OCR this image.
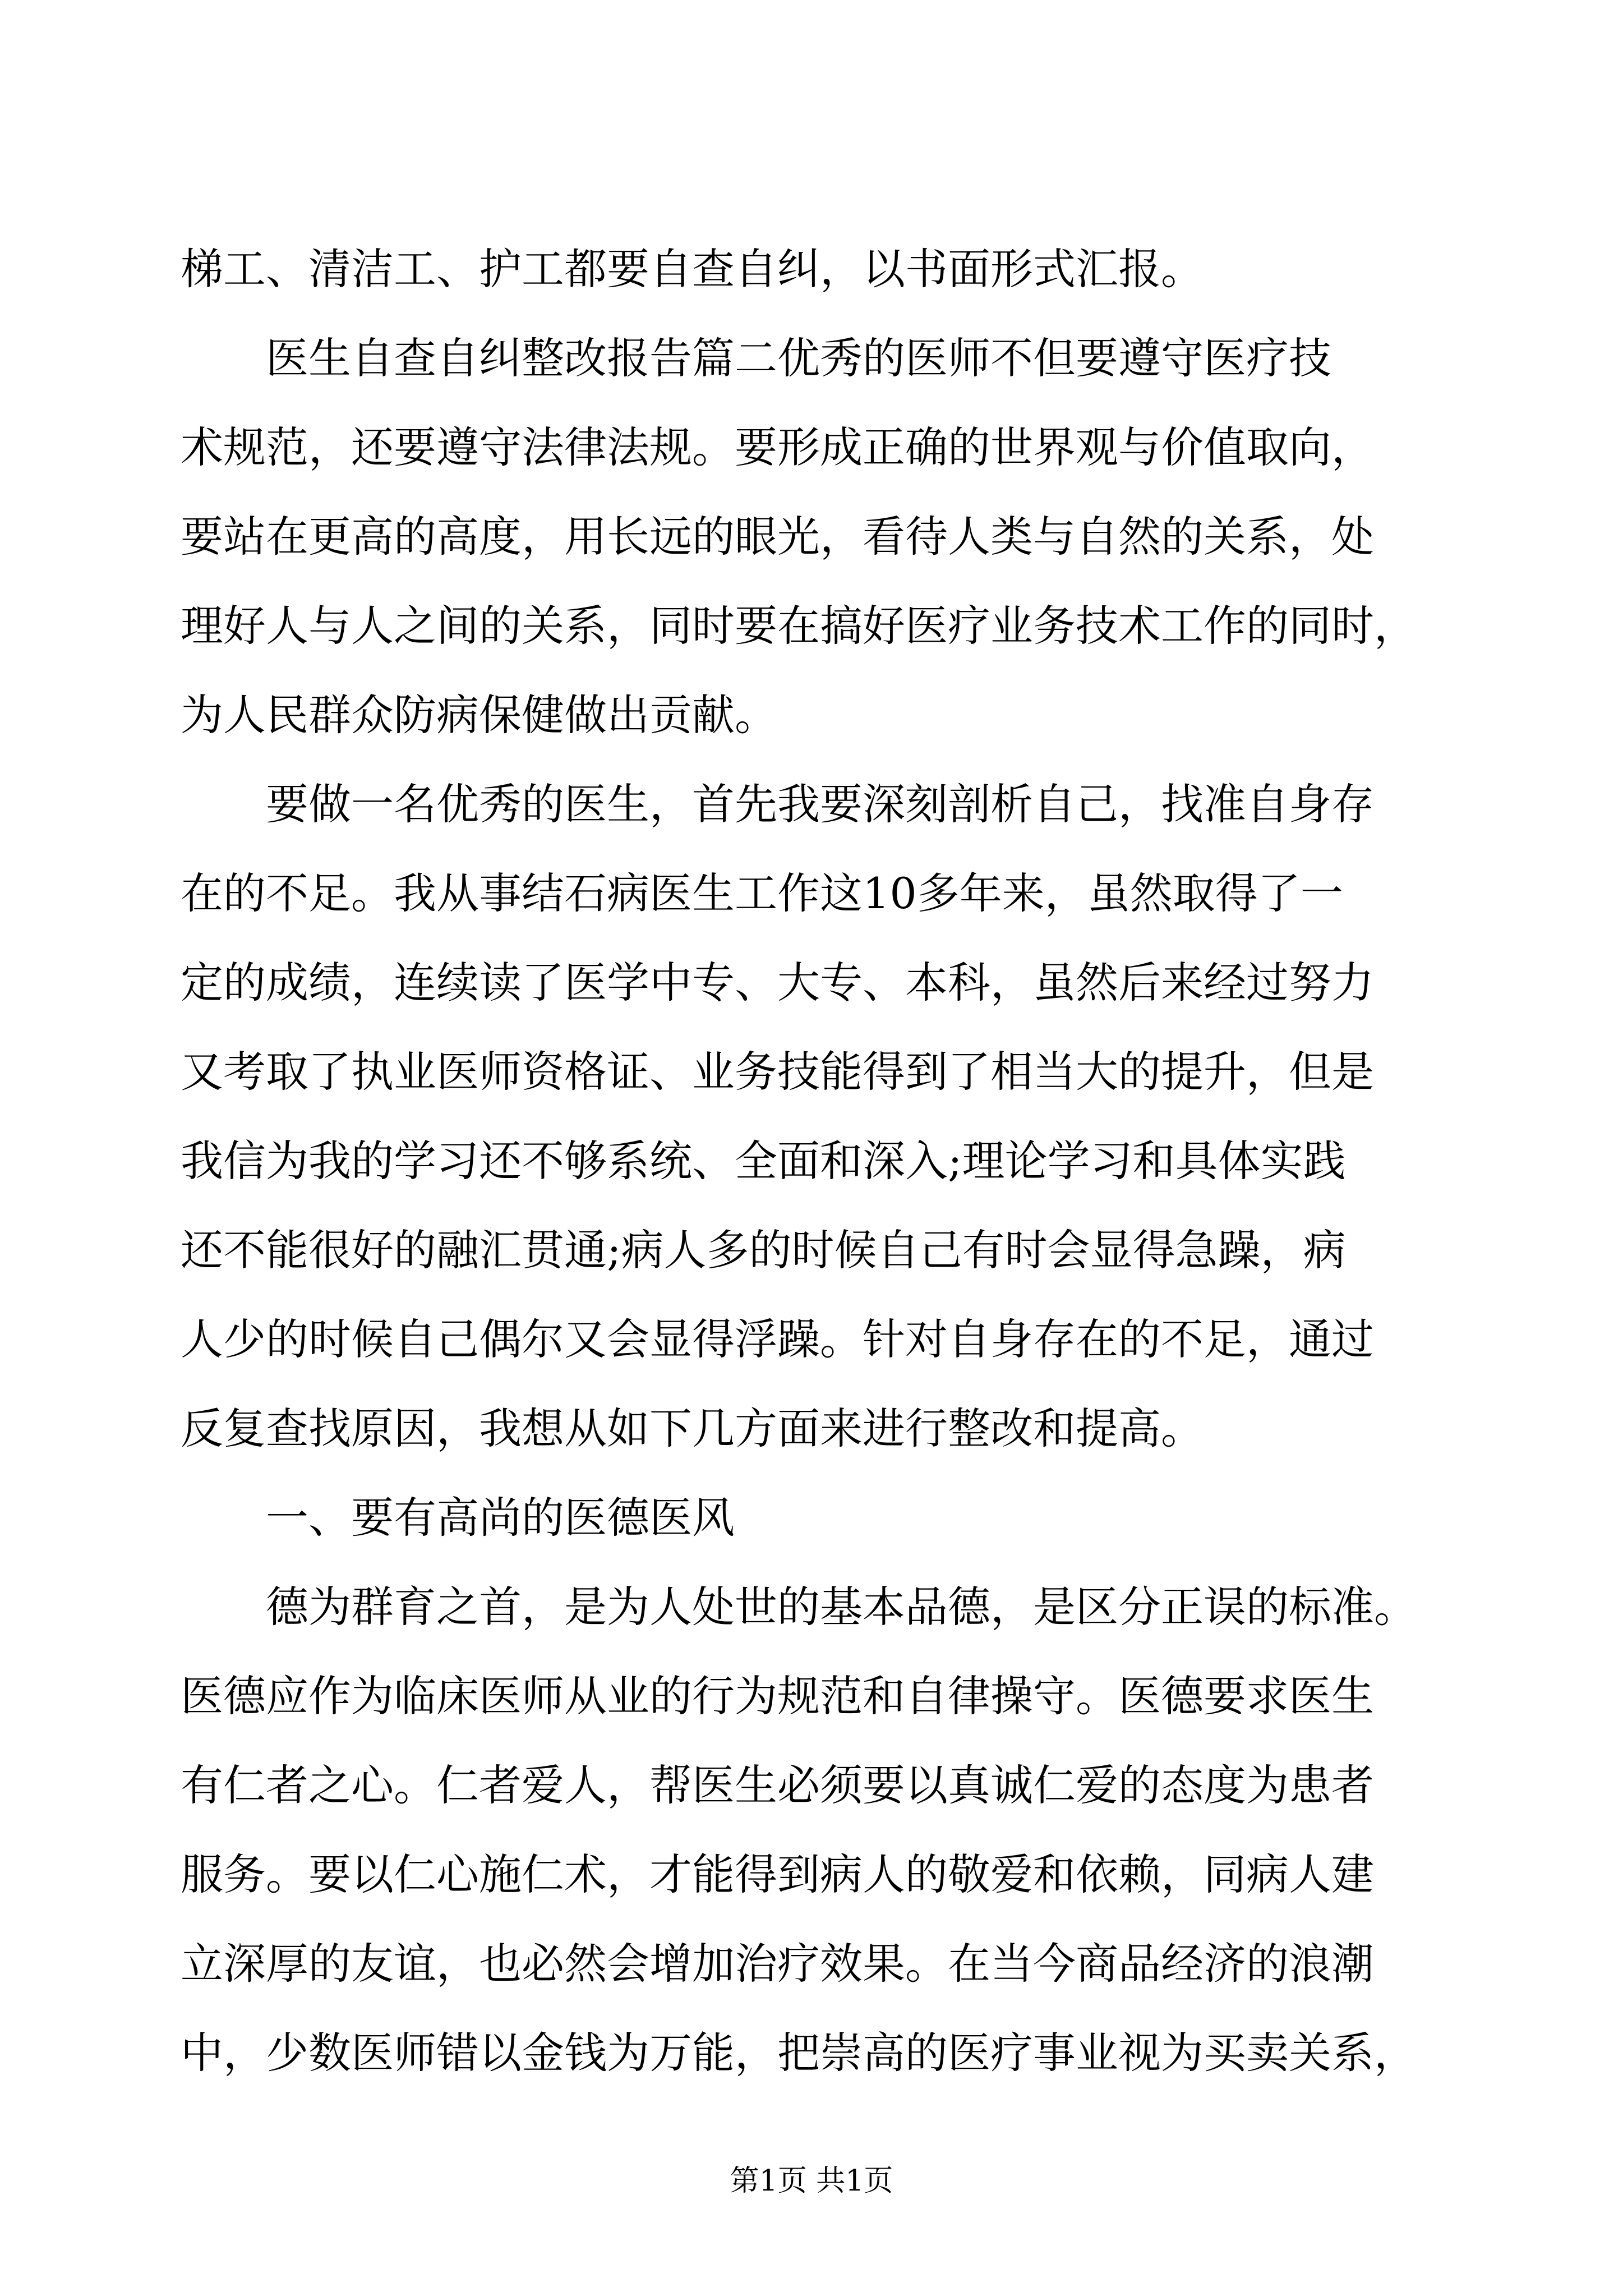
梯工、清洁工、护工都要自查自纠，以书面形式汇报。
　　医生自查自纠整改报告篇二优秀的医师不但要遵守医疗技
术规范，还要遵守法律法规。要形成正确的世界观与价值取向，
要站在更高的高度，用长远的眼光，看待人类与自然的关系，处
理好人与人之间的关系，同时要在搞好医疗业务技术工作的同时，
为人民群众防病保健做出贡献。
　　要做一名优秀的医生，首先我要深刻剖析自己，找准自身存
在的不足。我从事结石病医生工作这10多年来，虽然取得了一
定的成绩，连续读了医学中专、大专、本科，虽然后来经过努力
又考取了执业医师资格证、业务技能得到了相当大的提升，但是
我信为我的学习还不够系统、全面和深入;理论学习和具体实践
还不能很好的融汇贯通;病人多的时候自己有时会显得急躁，病
人少的时候自己偶尔又会显得浮躁。针对自身存在的不足，通过
反复查找原因，我想从如下几方面来进行整改和提高。
　　一、要有高尚的医德医风
　　德为群育之首，是为人处世的基本品德，是区分正误的标准。
医德应作为临床医师从业的行为规范和自律操守。医德要求医生
有仁者之心。仁者爱人，帮医生必须要以真诚仁爱的态度为患者
服务。要以仁心施仁术，才能得到病人的敬爱和依赖，同病人建
立深厚的友谊，也必然会增加治疗效果。在当今商品经济的浪潮
中，少数医师错以金钱为万能，把崇高的医疗事业视为买卖关系，
第1页 共1页
